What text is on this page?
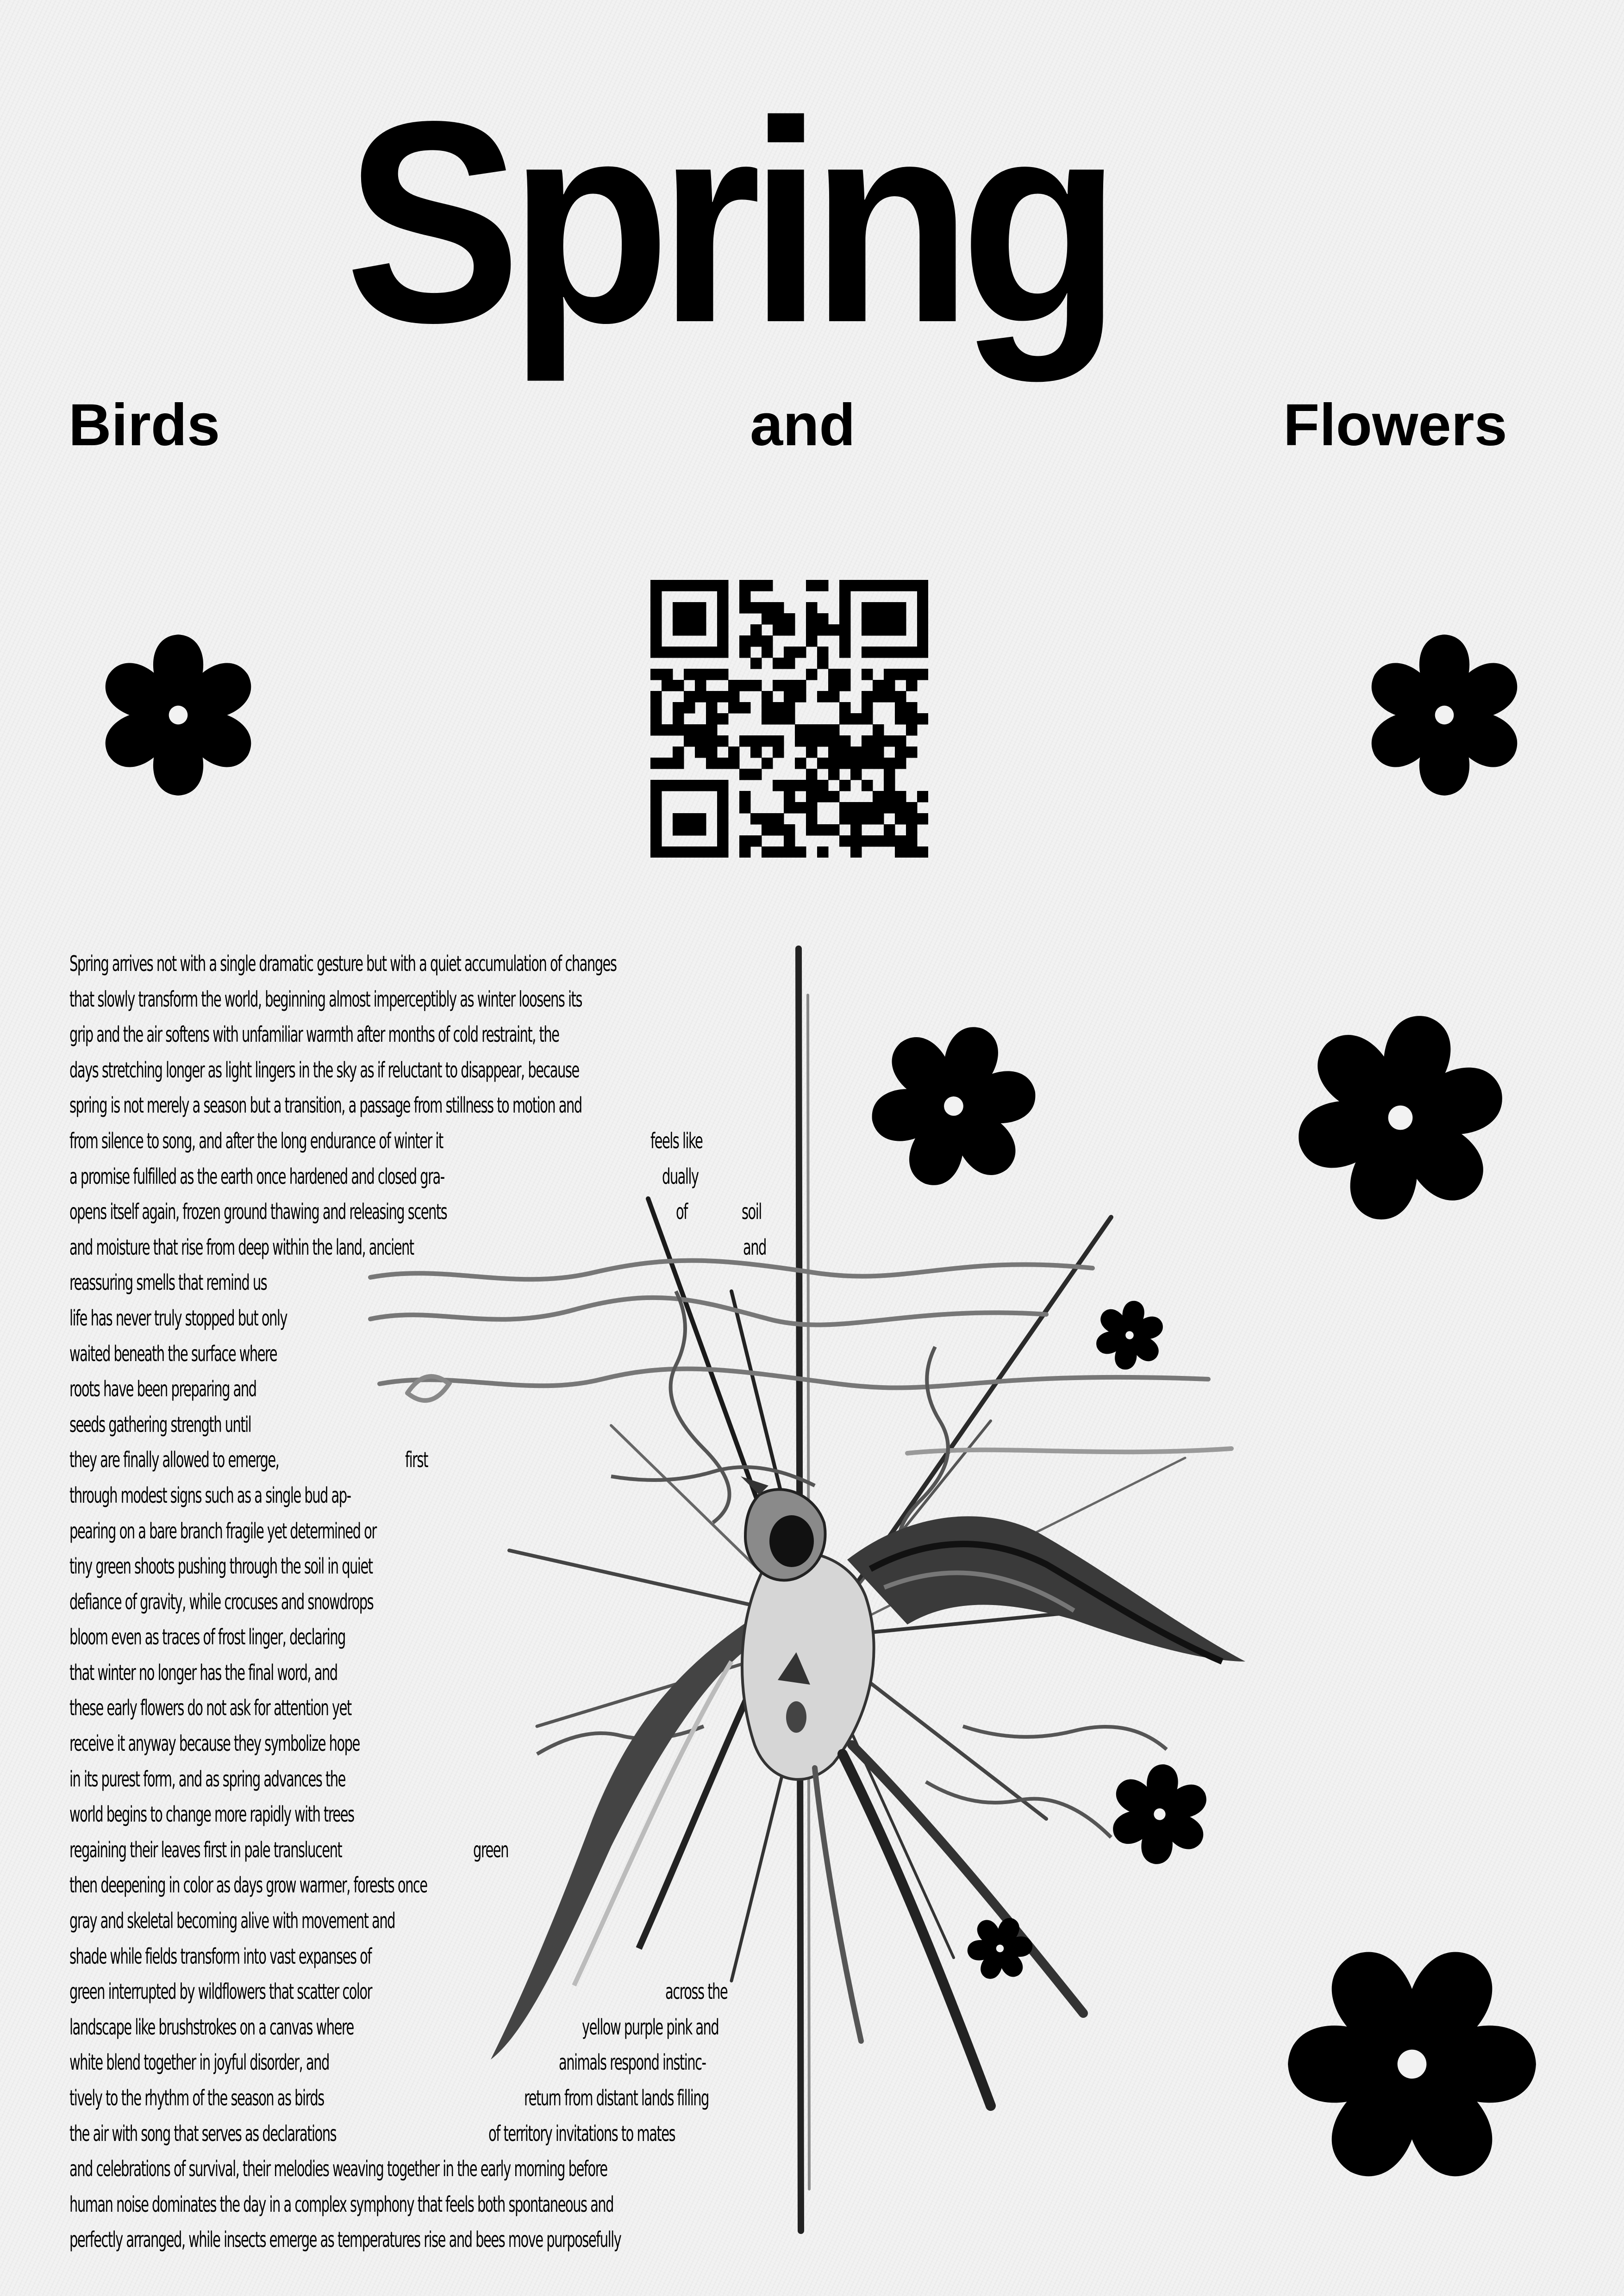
Spring
Birds	and	Flowers
Spring arrives not with a single dramatic gesture but with a quiet accumulation of changes
that slowly transform the world, beginning almost imperceptibly as winter loosens its
grip and the air softens with unfamiliar warmth after months of cold restraint, the
days stretching longer as light lingers in the sky as if reluctant to disappear, because
spring is not merely a season but a transition, a passage from stillness to motion and
from silence to song, and after the long endurance of winter it	feels like
a promise fulfilled as the earth once hardened and closed gra-	dually
opens itself again, frozen ground thawing and releasing scents	of	soil
and moisture that rise from deep within the land, ancient	and
reassuring smells that remind us
life has never truly stopped but only
waited beneath the surface where
roots have been preparing and
seeds gathering strength until
they are finally allowed to emerge,	first
through modest signs such as a single bud ap-
pearing on a bare branch fragile yet determined or
tiny green shoots pushing through the soil in quiet
defiance of gravity, while crocuses and snowdrops
bloom even as traces of frost linger, declaring
that winter no longer has the final word, and
these early flowers do not ask for attention yet
receive it anyway because they symbolize hope
in its purest form, and as spring advances the
world begins to change more rapidly with trees
regaining their leaves first in pale translucent	green
then deepening in color as days grow warmer, forests once
gray and skeletal becoming alive with movement and
shade while fields transform into vast expanses of
green interrupted by wildflowers that scatter color	across the
landscape like brushstrokes on a canvas where	yellow purple pink and
white blend together in joyful disorder, and	animals respond instinc-
tively to the rhythm of the season as birds	return from distant lands filling
the air with song that serves as declarations	of territory invitations to mates
and celebrations of survival, their melodies weaving together in the early morning before
human noise dominates the day in a complex symphony that feels both spontaneous and
perfectly arranged, while insects emerge as temperatures rise and bees move purposefully
